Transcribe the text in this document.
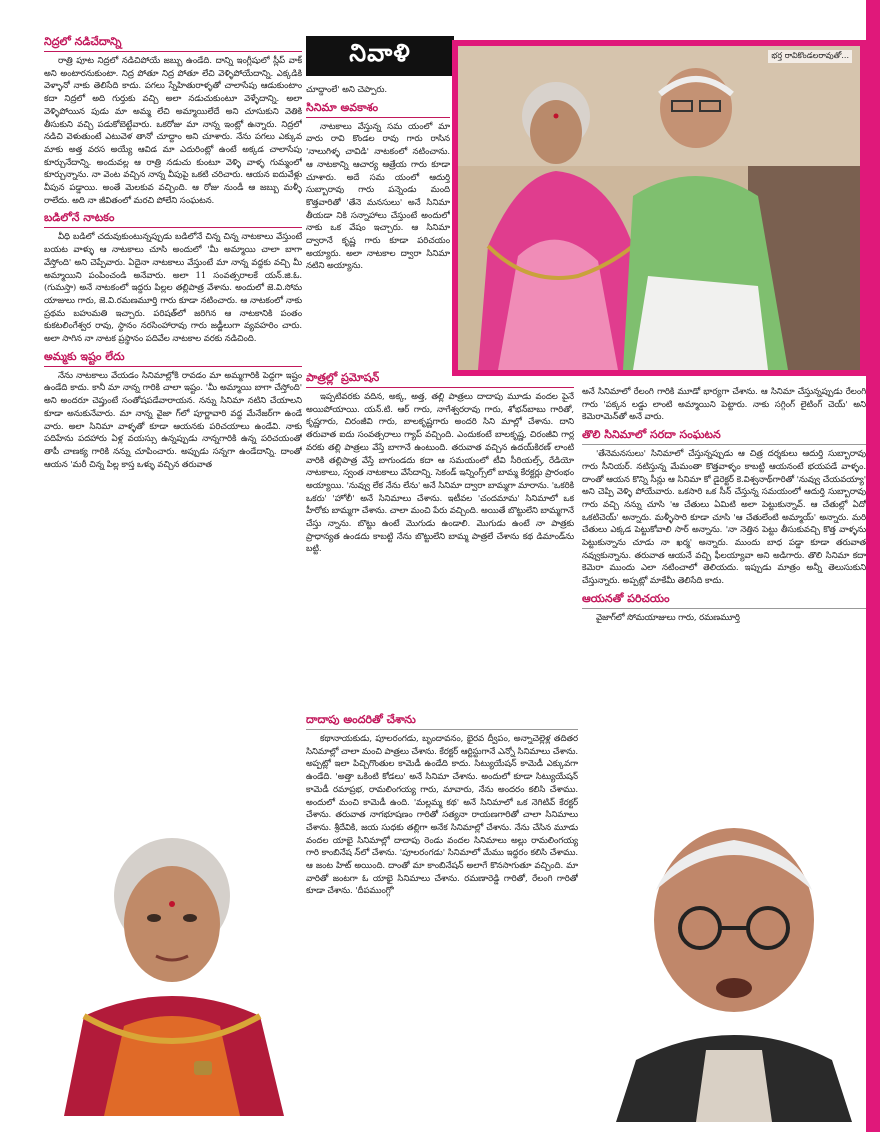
నిద్రలో నడిచేదాన్ని
రాత్రి పూట నిద్రలో నడిచిపోయే జబ్బు ఉండేది. దాన్ని ఇంగ్లీషులో స్లీప్ వాక్ అని అంటారనుకుంటా. నిద్ర పోతూ నిద్ర పోతూ లేచి వెళ్ళిపోయేదాన్ని. ఎక్కడికి వెళ్ళానో నాకు తెలిసేది కాదు. పగలు స్నేహితురాళ్ళతో చాలాసేపు ఆడుకుంటాం కదా నిద్రలో అది గుర్తుకు వచ్చి అలా నడుచుకుంటూ వెళ్ళేదాన్ని. అలా వెళ్ళిపోయిన పుడు మా అమ్మ లేచి అమ్మాయిలేదే అని చూసుకుని వెతికి తీసుకుని వచ్చి పడుకోబెట్టేవారు. ఒకరోజు మా నాన్న ఇంట్లో ఉన్నారు. నిద్రలో నడిచి వెళుతుంటే ఎటువెళ తానో చూద్దాం అని చూశారు. నేను పగలు ఎక్కువ మాకు అత్త వరస అయ్యే ఆవిడ మా ఎదురింట్లో ఉంటే అక్కడ చాలాసేపు కూర్చునేదాన్ని. అందువల్ల ఆ రాత్రి నడుచు కుంటూ వెళ్ళి వాళ్ళ గుమ్మంలో కూర్చున్నాను. నా వెంట వచ్చిన నాన్న వీపుపై ఒకటి చరిచారు. ఆయన ఐదువేళ్లు వీపున పడ్డాయి. అంతే మెలకువ వచ్చింది. ఆ రోజు నుండీ ఆ జబ్బు మళ్ళీ రాలేదు. అది నా జీవితంలో మరచి పోలేని సంఘటన.
బడిలోనే నాటకం
వీధి బడిలో చదువుకుంటున్నప్పుడు బడిలోనే చిన్న చిన్న నాటకాలు వేస్తుంటే బయట వాళ్ళు ఆ నాటకాలు చూసి అందులో 'మీ అమ్మాయి చాలా బాగా వేస్తోంది' అని చెప్పేవారు. ఏదైనా నాటకాలు వేస్తుంటే మా నాన్న వద్దకు వచ్చి మీ అమ్మాయిని పంపించండి అనేవారు. అలా 11 సంవత్సరాలకే యన్.జి.ఓ. (గుమస్తా) అనే నాటకంలో ఇద్దరు పిల్లల తల్లిపాత్ర వేశాను. అందులో జె.వి.సోమ యాజులు గారు, జె.వి.రమణమూర్తి గారు కూడా నటించారు. ఆ నాటకంలో నాకు ప్రథమ బహుమతి ఇచ్చారు. పరిషత్‌లో జరిగిన ఆ నాటకానికి పంతం కుకటలింగేశ్వర రావు, స్థానం నరసింహారావు గారు జడ్జీలుగా వ్యవహరిం చారు. అలా సాగిన నా నాటక ప్రస్థానం పదివేల నాటకాల వరకు నడిచింది.
అమ్మకు ఇష్టం లేదు
నేను నాటకాలు వేయడం సినిమాల్లోకి రావడం మా అమ్మగారికి పెద్దగా ఇష్టం ఉండేది కాదు. కానీ మా నాన్న గారికి చాలా ఇష్టం. 'మీ అమ్మాయి బాగా చేస్తోంది' అని అందరూ చెప్తుంటే సంతోషపడేవారాయన. నన్ను సినిమా నటిని చేయాలని కూడా అనుకునేవారు. మా నాన్న వైజా గ్‌లో పూర్ణావారి వద్ద మేనేజర్‌గా ఉండే వారు. అలా సినిమా వాళ్ళతో కూడా ఆయనకు పరిచయాలు ఉండేవి. నాకు పదిహేను పదహారు ఏళ్ల వయస్సు ఉన్నప్పుడు నాన్నగారికి ఉన్న పరిచయంతో తాపీ చాణక్య గారికి నన్ను చూపించారు. అప్పుడు సన్నగా ఉండేదాన్ని. దాంతో ఆయన 'మరీ చిన్న పిల్ల కాస్త ఒళ్ళు వచ్చిన తరువాత
నివాళి	భర్త రావికొండలరావుతో...
చూద్దాంలే' అని చెప్పారు.
సినిమా అవకాశం
నాటకాలు వేస్తున్న సమ యంలో మా వారు రావి కొండల రావు గారు రాసిన 'నాలుగిళ్ళ చావిడి' నాటకంలో నటించాను. ఆ నాటకాన్ని ఆచార్య ఆత్రేయ గారు కూడా చూశారు. అదే సమ యంలో ఆదుర్తి సుబ్బారావు గారు పన్నెండు మంది కొత్తవారితో 'తేనె మనసులు' అనే సినిమా తీయడా నికి సన్నాహాలు చేస్తుంటే అందులో నాకు ఒక వేషం ఇచ్చారు. ఆ సినిమా ద్వారానే కృష్ణ గారు కూడా పరిచయం అయ్యారు. అలా నాటకాల ద్వారా సినిమా నటిని అయ్యాను.
పాత్రల్లో ప్రమోషన్
ఇప్పటివరకు వదిన, అక్క, అత్త, తల్లి పాత్రలు దాదాపు మూడు వందల పైనే అయిపోయాయి. యన్.టి. ఆర్ గారు, నాగేశ్వరరావు గారు, శోభన్‌బాబు గారితో, కృష్ణగారు, చిరంజీవి గారు, బాలకృష్ణగారు అందరి సిని మాల్లో చేశాను. దాని తరువాత ఐదు సంవత్సరాలు గ్యాప్ వచ్చింది. ఎందుకంటే బాలకృష్ణ, చిరంజీవి గార్ల వరకు తల్లి పాత్రలు వేస్తే బాగానే ఉంటుంది. తరువాత వచ్చిన ఉదయ్‌కిరణ్ లాంటి వారికి తల్లిపాత్ర వేస్తే బాగుండదు కదా ఆ సమయంలో టీవి సీరియల్స్, రేడియో నాటకాలు, స్వంత నాటకాలు వేసేదాన్ని. సెకండ్ ఇన్నింగ్స్‌లో బామ్మ కేరక్టర్లు ప్రారంభం అయ్యాయి. 'నువ్వు లేక నేను లేను' అనే సినిమా ద్వారా బామ్మగా మారాను. 'ఒకరికి ఒకరు' 'హోలీ' అనే సినిమాలు చేశాను. ఇటీవల 'చందమామ' సినిమాలో ఒక హీరోకు బామ్మగా చేశాను. చాలా మంచి పేరు వచ్చింది. అయితే బొట్టులేని బామ్మగానే చేస్తు న్నాను. బొట్టు ఉంటే మొగుడు ఉండాలి. మొగుడు ఉంటే నా పాత్రకు ప్రాధాన్యత ఉండదు కాబట్టి నేను బొట్టులేని బామ్మ పాత్రలే చేశాను కథ డిమాండ్‌ను బట్టి.
దాదాపు అందరితో చేశాను
కథానాయకుడు, పూలరంగడు, బృందావనం, భైరవ ద్వీపం, అన్నాచెల్లెళ్ల తదితర సినిమాల్లో చాలా మంచి పాత్రలు చేశాను. కేరక్టర్ ఆర్టిస్టుగానే ఎన్నో సినిమాలు చేశాను. అప్పట్లో ఇలా పిచ్చిగొంతుల కామెడీ ఉండేది కాదు. సిట్యుయేషన్ కామెడీ ఎక్కువగా ఉండేది. 'అత్తా ఒకింటి కోడలు' అనే సినిమా చేశాను. అందులో కూడా సిట్యుయేషన్ కామెడీ రమాప్రభ, రామలింగయ్య గారు, మావారు, నేను అందరం కలిసి చేశాము. అందులో మంచి కామెడీ ఉంది. 'మల్లమ్మ కథ' అనే సినిమాలో ఒక నెగిటివ్ కేరక్టర్ చేశాను. తరువాత నాగభూషణం గారితో సత్యనా రాయణగారితో చాలా సినిమాలు చేశాను. శ్రీదేవికి, జయ సుధకు తల్లిగా అనేక సినిమాల్లో చేశాను. నేను చేసిన మూడు వందల యాభై సినిమాల్లో దాదాపు రెండు వందల సినిమాలు అల్లు రామలింగయ్య గారి కాంబినేష న్‌లో చేశాను. 'పూలరంగడు' సినిమాలో మేము ఇద్దరం కలిసి చేశాము. ఆ జంట హిట్ అయింది. దాంతో మా కాంబినేషన్ అలాగే కొనసాగుతూ వచ్చింది. మా వారితో జంటగా ఓ యాభై సినిమాలు చేశాను. రమణారెడ్డి గారితో, రేలంగి గారితో కూడా చేశాను. 'దీపముంగ్గో'
అనే సినిమాలో రేలంగి గారికి మూడో భార్యగా చేశాను. ఆ సినిమా చేస్తున్నప్పుడు రేలంగి గారు 'పక్కన లడ్డు లాంటి అమ్మాయిని పెట్టారు. నాకు సగ్గింగ్ లైటింగ్ చెయ్' అని కెమెరామెన్‌తో అనే వారు.
తొలి సినిమాలో సరదా సంఘటన
'తేనెమనసులు' సినిమాలో చేస్తున్నప్పుడు ఆ చిత్ర దర్శకులు ఆదుర్తి సుబ్బారావు గారు సీనియర్. నటిస్తున్న మేమంతా కొత్తవాళ్ళం కాబట్టి ఆయనంటే భయపడే వాళ్ళం. దాంతో ఆయన కొన్ని సీన్లు ఆ సినిమా కో డైరెక్టర్ కె.విశ్వనాథ్‌గారితో 'నువ్వు చేయవయ్యా' అని చెప్పి వెళ్ళి పోయేవారు. ఒకసారి ఒక సీన్ చేస్తున్న సమయంలో ఆదుర్తి సుబ్బారావు గారు వచ్చి నన్ను చూసి 'ఆ చేతులు ఏమిటి అలా పెట్టుకున్నావ్. ఆ చేతుల్లో ఏదో ఒకటిచెయ్' అన్నారు. మళ్ళీసారి కూడా చూసి 'ఆ చేతులేంటి అమ్మాయ్' అన్నారు. మరి చేతులు ఎక్కడ పెట్టుకోవాలి సార్ అన్నాను. 'నా నెత్తిన పెట్టు తీసుకువచ్చి కొత్త వాళ్ళను పెట్టుకున్నాను చూడు నా ఖర్మ' అన్నారు. ముందు బాధ పడ్డా కూడా తరువాత నవ్వుకున్నాను. తరువాత ఆయనే వచ్చి ఫీలయ్యావా అని అడిగారు. తొలి సినిమా కదా కెమెరా ముందు ఎలా నటించాలో తెలియదు. ఇప్పుడు మాత్రం అన్నీ తెలుసుకుని చేస్తున్నారు. అప్పట్లో మాకేమీ తెలిసేది కాదు.
ఆయనతో పరిచయం
వైజాగ్‌లో సోమయాజులు గారు, రమణమూర్తి
